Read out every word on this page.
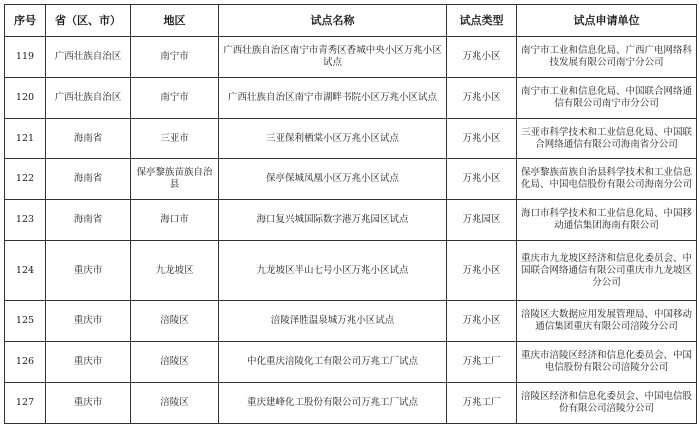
序号	省（区、市）	地区	试点名称	试点类型	试点申请单位
119	广西壮族自治区	南宁市	广西壮族自治区南宁市青秀区香城中央小区万兆小区试点	万兆小区	南宁市工业和信息化局、广西广电网络科技发展有限公司南宁分公司
120	广西壮族自治区	南宁市	广西壮族自治区南宁市湖畔书院小区万兆小区试点	万兆小区	南宁市工业和信息化局、中国联合网络通信有限公司南宁市分公司
121	海南省	三亚市	三亚保利栖棠小区万兆小区试点	万兆小区	三亚市科学技术和工业信息化局、中国联合网络通信有限公司海南省分公司
122	海南省	保亭黎族苗族自治县	保亭保城凤凰小区万兆小区试点	万兆小区	保亭黎族苗族自治县科学技术和工业信息化局、中国电信股份有限公司海南分公司
123	海南省	海口市	海口复兴城国际数字港万兆园区试点	万兆园区	海口市科学技术和工业信息化局、中国移动通信集团海南有限公司
124	重庆市	九龙坡区	九龙坡区半山七号小区万兆小区试点	万兆小区	重庆市九龙坡区经济和信息化委员会、中国联合网络通信有限公司重庆市九龙坡区分公司
125	重庆市	涪陵区	涪陵泽胜温泉城万兆小区试点	万兆小区	涪陵区大数据应用发展管理局、中国移动通信集团重庆有限公司涪陵分公司
126	重庆市	涪陵区	中化重庆涪陵化工有限公司万兆工厂试点	万兆工厂	重庆市涪陵区经济和信息化委员会、中国电信股份有限公司涪陵分公司
127	重庆市	涪陵区	重庆建峰化工股份有限公司万兆工厂试点	万兆工厂	涪陵区经济和信息化委员会、中国电信股份有限公司涪陵分公司
